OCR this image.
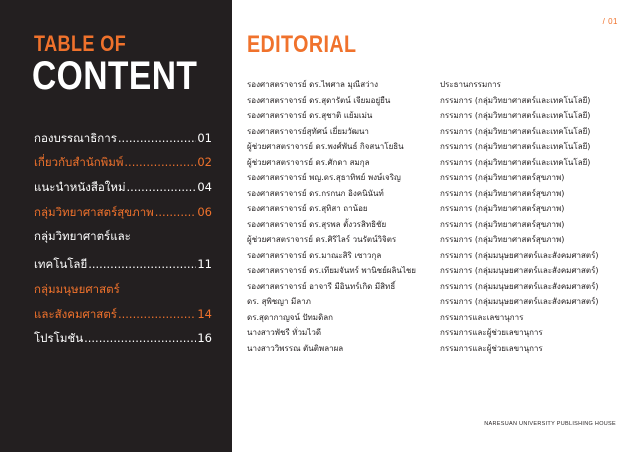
TABLE OF
CONTENT
กองบรรณาธิการ .....	01
เกี่ยวกับสำนักพิมพ์ .....	02
แนะนำหนังสือใหม่ .....	04
กลุ่มวิทยาศาสตร์สุขภาพ .....	06
กลุ่มวิทยาศาตร์และ
เทคโนโลยี .....	11
กลุ่มมนุษยศาสตร์
และสังคมศาสตร์ .....	14
โปรโมชัน .....	16
/ 01
EDITORIAL
รองศาสตราจารย์ ดร.ไพศาล มุณีสว่าง	ประธานกรรมการ
รองศาสตราจารย์ ดร.สุดารัตน์ เจียมอยู่ยืน	กรรมการ (กลุ่มวิทยาศาสตร์และเทคโนโลยี)
รองศาสตราจารย์ ดร.สุชาติ แย้มเม่น	กรรมการ (กลุ่มวิทยาศาสตร์และเทคโนโลยี)
รองศาสตราจารย์สุทัศน์ เยี่ยมวัฒนา	กรรมการ (กลุ่มวิทยาศาสตร์และเทคโนโลยี)
ผู้ช่วยศาสตราจารย์ ดร.พงศ์พันธ์ กิจสนาโยธิน	กรรมการ (กลุ่มวิทยาศาสตร์และเทคโนโลยี)
ผู้ช่วยศาสตราจารย์ ดร.ศักดา สมกุล	กรรมการ (กลุ่มวิทยาศาสตร์และเทคโนโลยี)
รองศาสตราจารย์ พญ.ดร.สุธาทิพย์ พงษ์เจริญ	กรรมการ (กลุ่มวิทยาศาสตร์สุขภาพ)
รองศาสตราจารย์ ดร.กรกนก อิงคนินันท์	กรรมการ (กลุ่มวิทยาศาสตร์สุขภาพ)
รองศาสตราจารย์ ดร.สุทิสา ถาน้อย	กรรมการ (กลุ่มวิทยาศาสตร์สุขภาพ)
รองศาสตราจารย์ ดร.สุรพล ตั้งวรสิทธิชัย	กรรมการ (กลุ่มวิทยาศาสตร์สุขภาพ)
ผู้ช่วยศาสตราจารย์ ดร.ศิริไลร์ วนรัตน์วิจิตร	กรรมการ (กลุ่มวิทยาศาสตร์สุขภาพ)
รองศาสตราจารย์ ดร.มาณะสิริ เซาวกุล	กรรมการ (กลุ่มมนุษยศาสตร์และสังคมศาสตร์)
รองศาสตราจารย์ ดร.เทียมจันทร์ พานิชย์ผลินไชย	กรรมการ (กลุ่มมนุษยศาสตร์และสังคมศาสตร์)
รองศาสตราจารย์ อาจารี มีอินทร์เกิด มีสิทธิ์	กรรมการ (กลุ่มมนุษยศาสตร์และสังคมศาสตร์)
ดร. สุพิชญา มีลาภ	กรรมการ (กลุ่มมนุษยศาสตร์และสังคมศาสตร์)
ดร.สุดากาญจน์ ปัทมดิลก	กรรมการและเลขานุการ
นางสาวพัชรี ทั่วมไวดี	กรรมการและผู้ช่วยเลขานุการ
นางสาววิพรรณ ตันติพลาผล	กรรมการและผู้ช่วยเลขานุการ
NARESUAN UNIVERSITY PUBLISHING HOUSE
